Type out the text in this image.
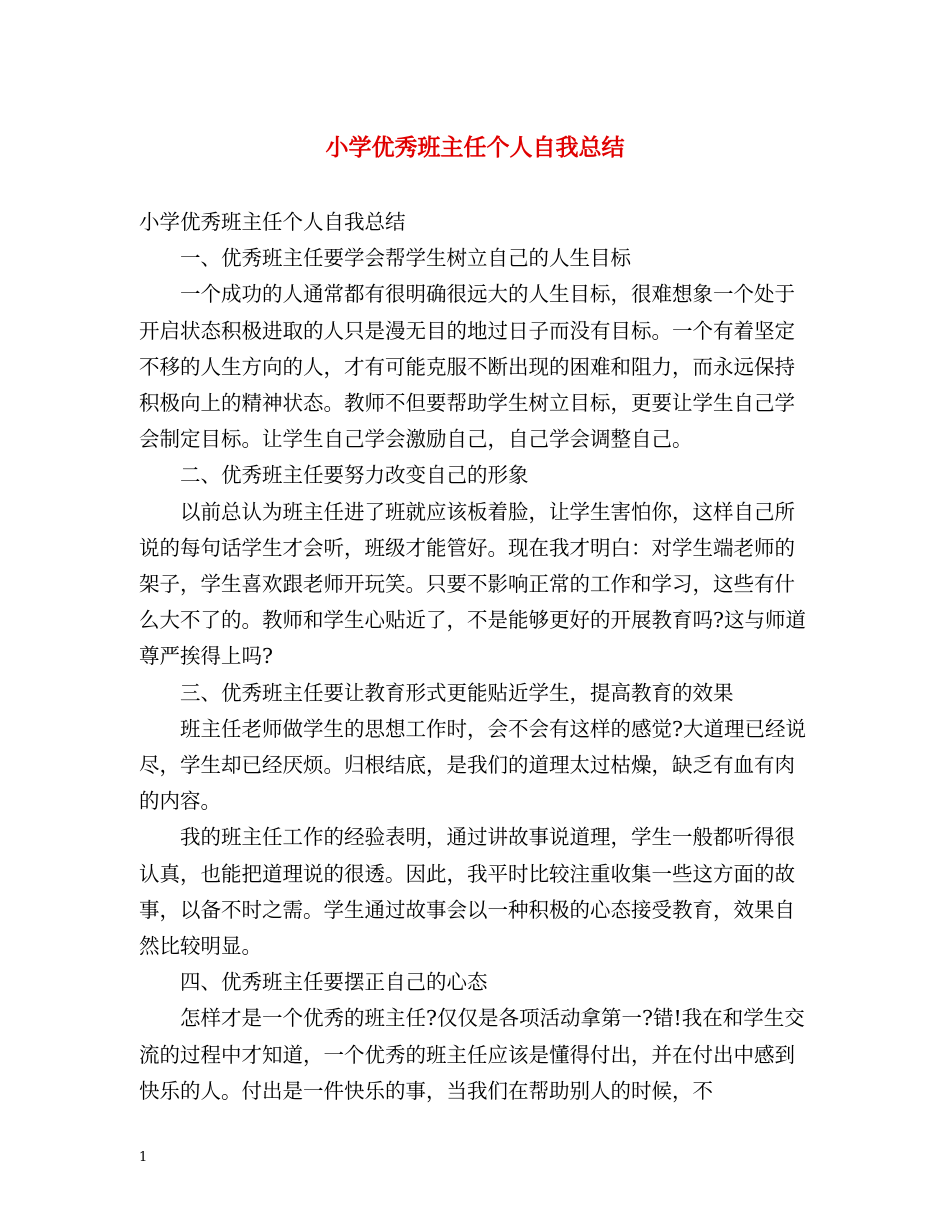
小学优秀班主任个人自我总结

小学优秀班主任个人自我总结

一、优秀班主任要学会帮学生树立自己的人生目标

一个成功的人通常都有很明确很远大的人生目标，很难想象一个处于开启状态积极进取的人只是漫无目的地过日子而没有目标。一个有着坚定不移的人生方向的人，才有可能克服不断出现的困难和阻力，而永远保持积极向上的精神状态。教师不但要帮助学生树立目标，更要让学生自己学会制定目标。让学生自己学会激励自己，自己学会调整自己。

二、优秀班主任要努力改变自己的形象

以前总认为班主任进了班就应该板着脸，让学生害怕你，这样自己所说的每句话学生才会听，班级才能管好。现在我才明白：对学生端老师的架子，学生喜欢跟老师开玩笑。只要不影响正常的工作和学习，这些有什么大不了的。教师和学生心贴近了，不是能够更好的开展教育吗?这与师道尊严挨得上吗?

三、优秀班主任要让教育形式更能贴近学生，提高教育的效果

班主任老师做学生的思想工作时，会不会有这样的感觉?大道理已经说尽，学生却已经厌烦。归根结底，是我们的道理太过枯燥，缺乏有血有肉的内容。

我的班主任工作的经验表明，通过讲故事说道理，学生一般都听得很认真，也能把道理说的很透。因此，我平时比较注重收集一些这方面的故事，以备不时之需。学生通过故事会以一种积极的心态接受教育，效果自然比较明显。

四、优秀班主任要摆正自己的心态

怎样才是一个优秀的班主任?仅仅是各项活动拿第一?错!我在和学生交流的过程中才知道，一个优秀的班主任应该是懂得付出，并在付出中感到快乐的人。付出是一件快乐的事，当我们在帮助别人的时候，不

1
